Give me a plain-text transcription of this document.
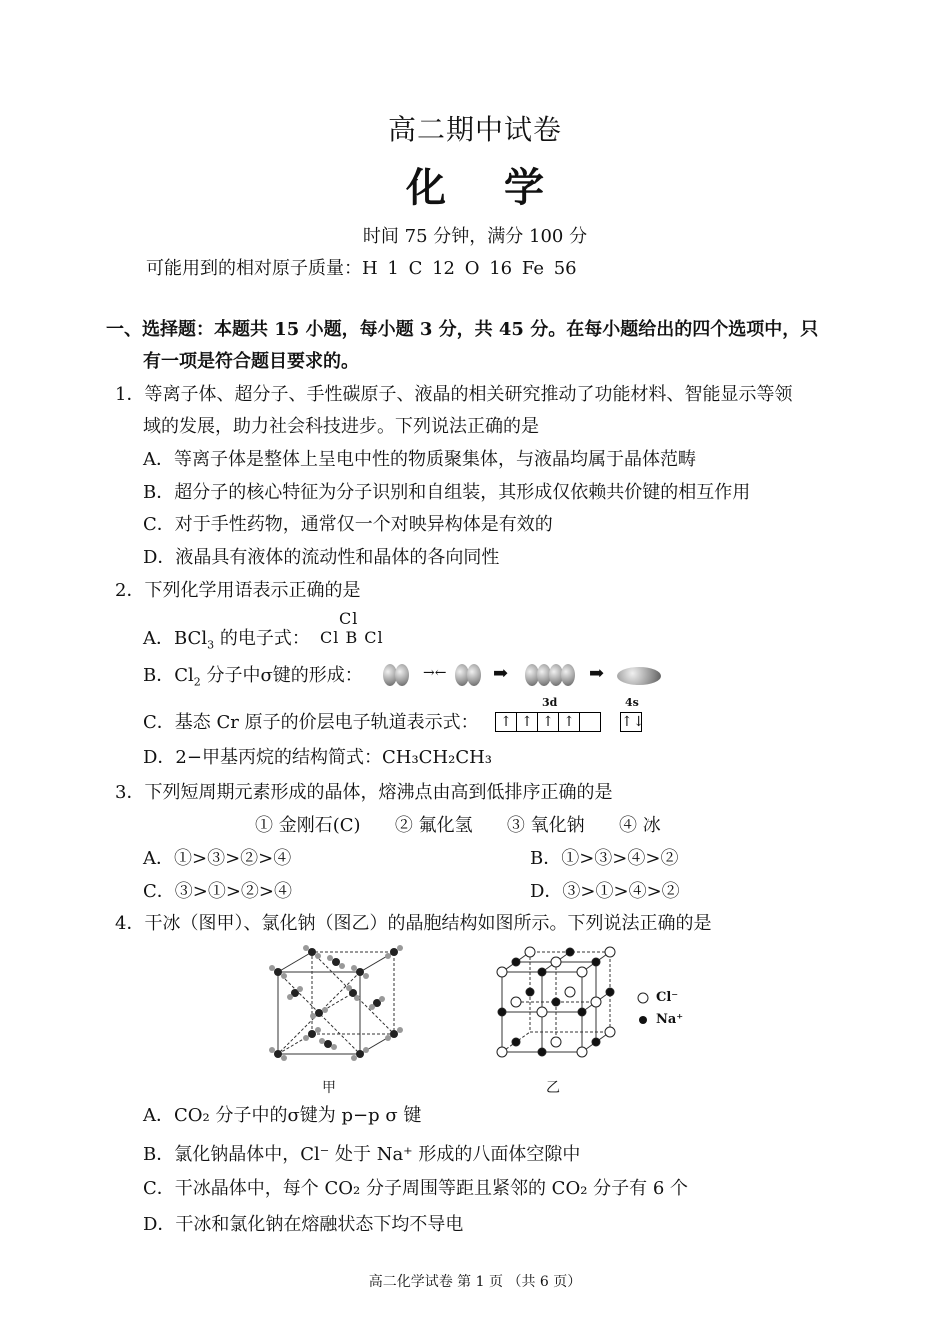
高二期中试卷
化 学
时间 75 分钟，满分 100 分
可能用到的相对原子质量：H 1 C 12 O 16 Fe 56
一、选择题：本题共 15 小题，每小题 3 分，共 45 分。在每小题给出的四个选项中，只
有一项是符合题目要求的。
1．等离子体、超分子、手性碳原子、液晶的相关研究推动了功能材料、智能显示等领
域的发展，助力社会科技进步。下列说法正确的是
A．等离子体是整体上呈电中性的物质聚集体，与液晶均属于晶体范畴
B．超分子的核心特征为分子识别和自组装，其形成仅依赖共价键的相互作用
C．对于手性药物，通常仅一个对映异构体是有效的
D．液晶具有液体的流动性和晶体的各向同性
2．下列化学用语表示正确的是
A．BCl$_3$ 的电子式：
Cl
Cl B Cl
B．$Cl_2$ 分子中σ键的形成：	→←	➡	➡
C．基态 Cr 原子的价层电子轨道表示式：
3d	4s
↑ ↑ ↑ ↑	↑↓
D．2−甲基丙烷的结构简式：CH₃CH₂CH₃
3．下列短周期元素形成的晶体，熔沸点由高到低排序正确的是
① 金刚石(C)      ② 氟化氢      ③ 氧化钠      ④ 冰
A．①>③>②>④	B．①>③>④>②
C．③>①>②>④	D．③>①>④>②
4．干冰（图甲）、氯化钠（图乙）的晶胞结构如图所示。下列说法正确的是
甲	乙
Cl⁻
Na⁺
A．CO₂ 分子中的σ键为 p−p σ 键
B．氯化钠晶体中，Cl⁻ 处于 Na⁺ 形成的八面体空隙中
C．干冰晶体中，每个 CO₂ 分子周围等距且紧邻的 CO₂ 分子有 6 个
D．干冰和氯化钠在熔融状态下均不导电
高二化学试卷 第 1 页 （共 6 页）
